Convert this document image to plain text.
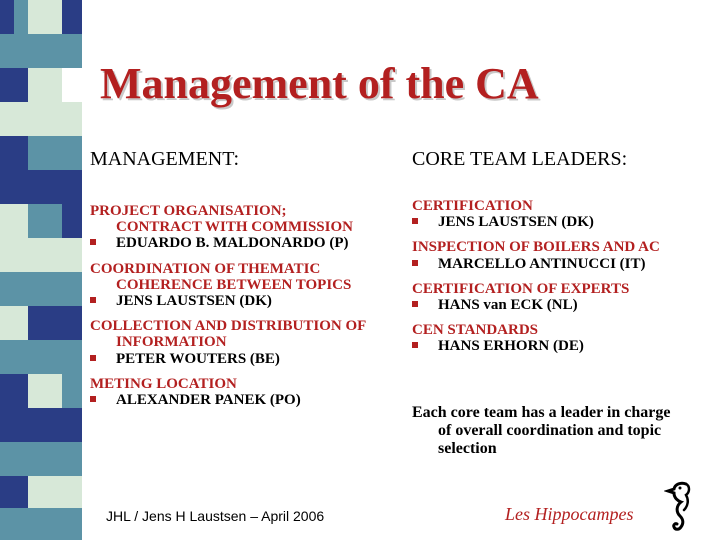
Management of the CA
MANAGEMENT:	CORE TEAM LEADERS:
PROJECT ORGANISATION;
CONTRACT WITH COMMISSION
EDUARDO B. MALDONARDO (P)
COORDINATION OF THEMATIC
COHERENCE BETWEEN TOPICS
JENS LAUSTSEN (DK)
COLLECTION AND DISTRIBUTION OF
INFORMATION
PETER WOUTERS (BE)
METING LOCATION
ALEXANDER PANEK (PO)
CERTIFICATION
JENS LAUSTSEN (DK)
INSPECTION OF BOILERS AND AC
MARCELLO ANTINUCCI (IT)
CERTIFICATION OF EXPERTS
HANS van ECK (NL)
CEN STANDARDS
HANS ERHORN (DE)
Each core team has a leader in charge
of overall coordination and topic
selection
JHL / Jens H Laustsen – April 2006	Les Hippocampes
